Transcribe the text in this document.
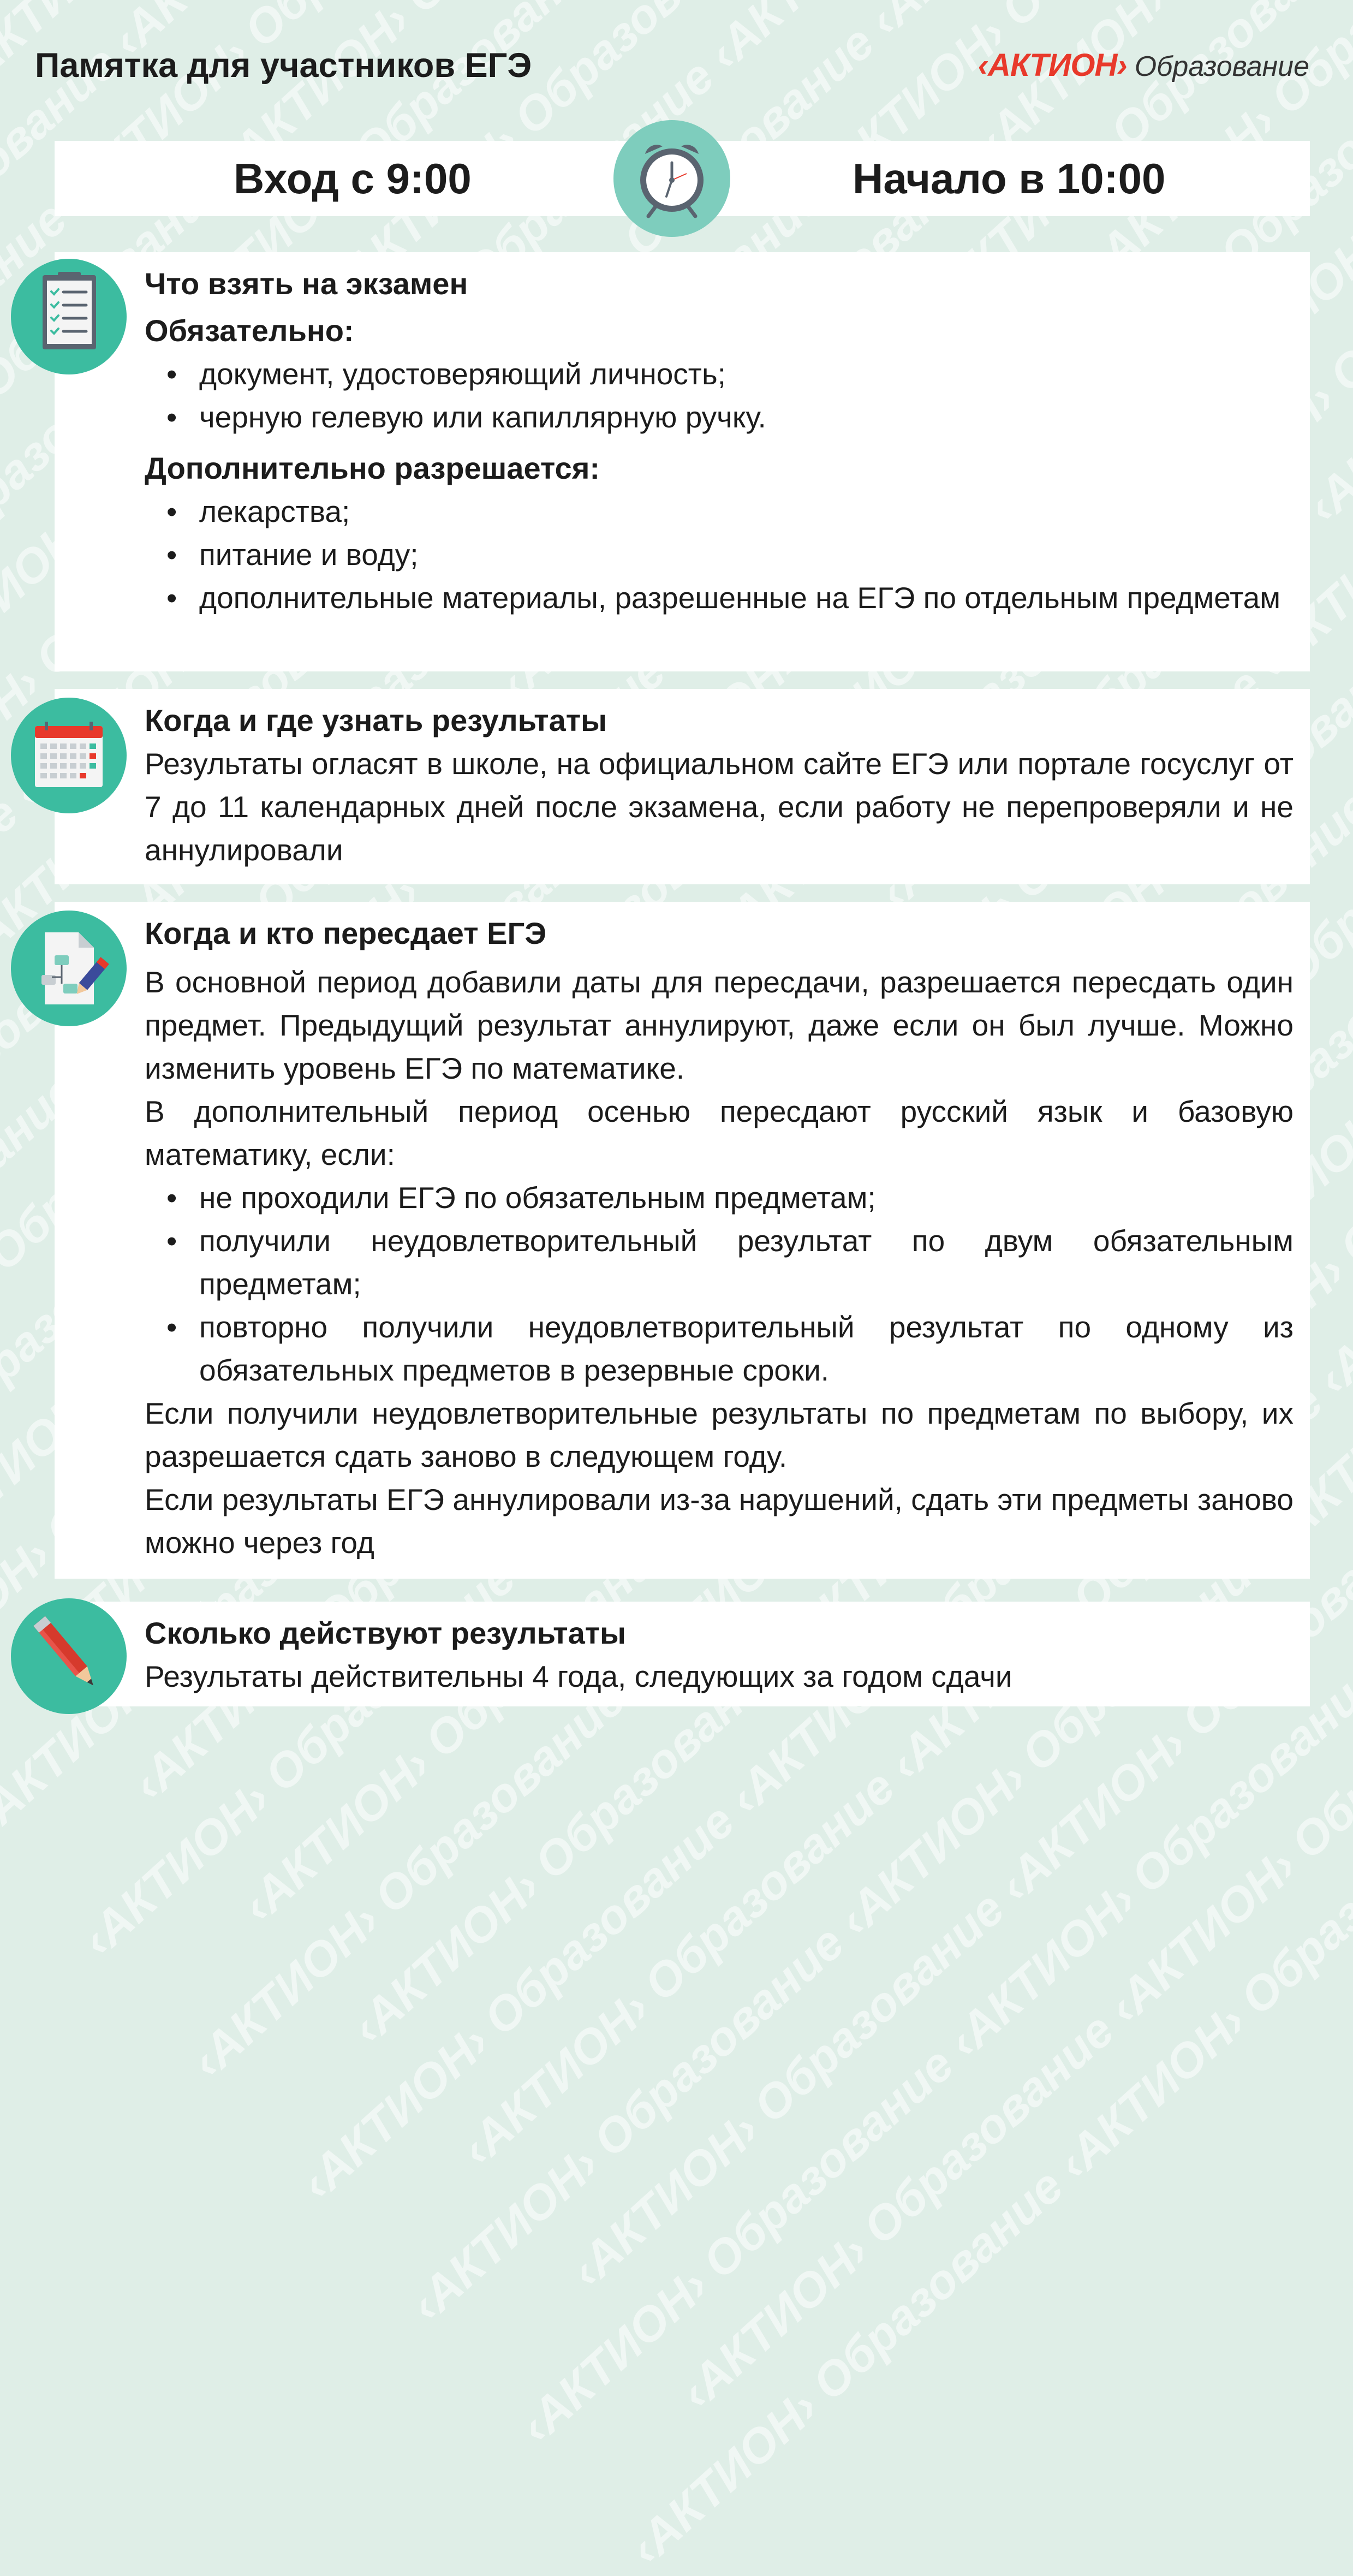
‹АКТИОН›
‹АКТИОН›
‹АКТИОН›
‹АКТИОН› Образование
‹АКТИОН› Образование
‹АКТИОН› Образование
‹АКТИОН› Образование ‹АКТИОН› Образование
‹АКТИОН› Образование ‹АКТИОН›
‹АКТИОН› Образование ‹АКТИОН›
‹АКТИОН› Образование ‹АКТИОН›
‹АКТИОН› Образование ‹АКТИОН› Образование
‹АКТИОН› Образование ‹АКТИОН› Образование
‹АКТИОН› Образование ‹АКТИОН› Образование
Памятка для участников ЕГЭ	‹АКТИОН› Образование
Вход с 9:00	Начало в 10:00

Что взять на экзамен

Обязательно:

• документ, удостоверяющий личность;
• черную гелевую или капиллярную ручку.

Дополнительно разрешается:

• лекарства;
• питание и воду;
• дополнительные материалы, разрешенные на ЕГЭ по отдельным предметам

Когда и где узнать результаты

Результаты огласят в школе, на официальном сайте ЕГЭ или портале госуслуг от 7 до 11 календарных дней после экзамена, если работу не перепроверяли и не аннулировали

Когда и кто пересдает ЕГЭ

В основной период добавили даты для пересдачи, разрешается пересдать один предмет. Предыдущий результат аннулируют, даже если он был лучше. Можно изменить уровень ЕГЭ по математике.

В дополнительный период осенью пересдают русский язык и базовую математику, если:

• не проходили ЕГЭ по обязательным предметам;
• получили неудовлетворительный результат по двум обязательным предметам;
• повторно получили неудовлетворительный результат по одному из обязательных предметов в резервные сроки.

Если получили неудовлетворительные результаты по предметам по выбору, их разрешается сдать заново в следующем году.

Если результаты ЕГЭ аннулировали из-за нарушений, сдать эти предметы заново можно через год

Сколько действуют результаты

Результаты действительны 4 года, следующих за годом сдачи
